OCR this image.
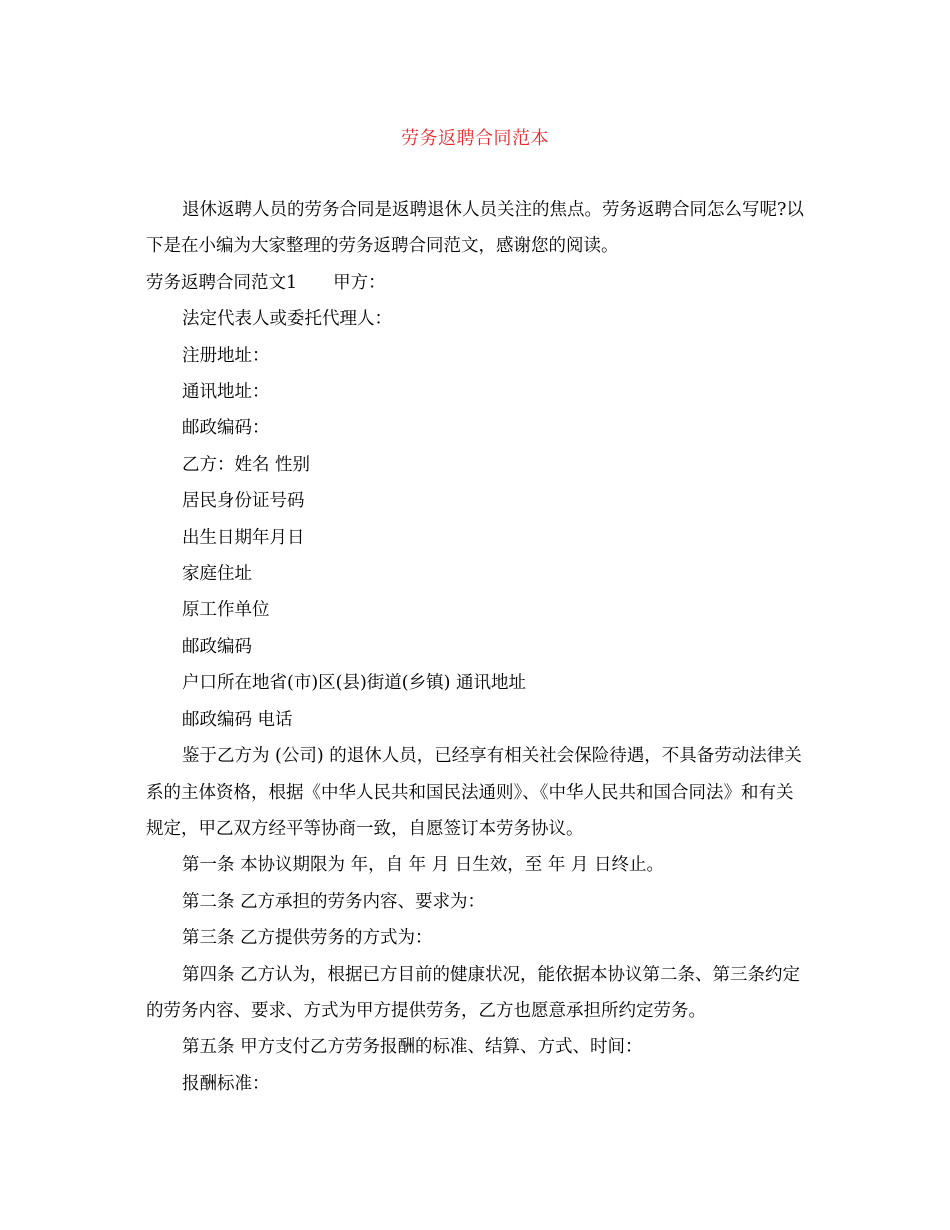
劳务返聘合同范本

退休返聘人员的劳务合同是返聘退休人员关注的焦点。劳务返聘合同怎么写呢?以下是在小编为大家整理的劳务返聘合同范文，感谢您的阅读。

劳务返聘合同范文1 甲方：

法定代表人或委托代理人：

注册地址：

通讯地址：

邮政编码：

乙方：姓名 性别

居民身份证号码

出生日期年月日

家庭住址

原工作单位

邮政编码

户口所在地省(市)区(县)街道(乡镇) 通讯地址

邮政编码 电话

鉴于乙方为 (公司) 的退休人员，已经享有相关社会保险待遇，不具备劳动法律关系的主体资格，根据《中华人民共和国民法通则》、《中华人民共和国合同法》和有关规定，甲乙双方经平等协商一致，自愿签订本劳务协议。

第一条 本协议期限为 年，自 年 月 日生效，至 年 月 日终止。

第二条 乙方承担的劳务内容、要求为：

第三条 乙方提供劳务的方式为：

第四条 乙方认为，根据已方目前的健康状况，能依据本协议第二条、第三条约定的劳务内容、要求、方式为甲方提供劳务，乙方也愿意承担所约定劳务。

第五条 甲方支付乙方劳务报酬的标准、结算、方式、时间：

报酬标准：
